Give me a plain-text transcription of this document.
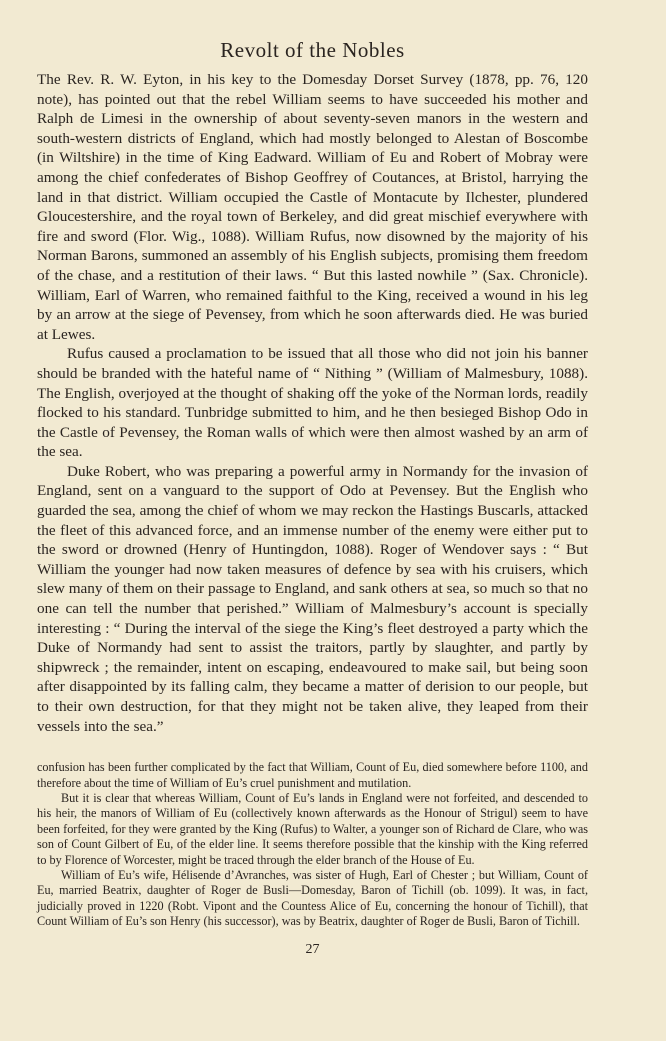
Revolt of the Nobles

The Rev. R. W. Eyton, in his key to the Domesday Dorset Survey (1878, pp. 76, 120 note), has pointed out that the rebel William seems to have succeeded his mother and Ralph de Limesi in the ownership of about seventy-seven manors in the western and south-western districts of England, which had mostly belonged to Alestan of Boscombe (in Wiltshire) in the time of King Eadward. William of Eu and Robert of Mobray were among the chief confederates of Bishop Geoffrey of Coutances, at Bristol, harrying the land in that district. William occupied the Castle of Montacute by Ilchester, plundered Gloucestershire, and the royal town of Berkeley, and did great mischief everywhere with fire and sword (Flor. Wig., 1088). William Rufus, now disowned by the majority of his Norman Barons, summoned an assembly of his English subjects, promising them freedom of the chase, and a restitution of their laws. “ But this lasted nowhile ” (Sax. Chronicle). William, Earl of Warren, who remained faithful to the King, received a wound in his leg by an arrow at the siege of Pevensey, from which he soon afterwards died. He was buried at Lewes.

Rufus caused a proclamation to be issued that all those who did not join his banner should be branded with the hateful name of “ Nithing ” (William of Malmesbury, 1088). The English, overjoyed at the thought of shaking off the yoke of the Norman lords, readily flocked to his standard. Tunbridge submitted to him, and he then besieged Bishop Odo in the Castle of Pevensey, the Roman walls of which were then almost washed by an arm of the sea.

Duke Robert, who was preparing a powerful army in Normandy for the invasion of England, sent on a vanguard to the support of Odo at Pevensey. But the English who guarded the sea, among the chief of whom we may reckon the Hastings Buscarls, attacked the fleet of this advanced force, and an immense number of the enemy were either put to the sword or drowned (Henry of Huntingdon, 1088). Roger of Wendover says : “ But William the younger had now taken measures of defence by sea with his cruisers, which slew many of them on their passage to England, and sank others at sea, so much so that no one can tell the number that perished.” William of Malmesbury’s account is specially interesting : “ During the interval of the siege the King’s fleet destroyed a party which the Duke of Normandy had sent to assist the traitors, partly by slaughter, and partly by shipwreck ; the remainder, intent on escaping, endeavoured to make sail, but being soon after disappointed by its falling calm, they became a matter of derision to our people, but to their own destruction, for that they might not be taken alive, they leaped from their vessels into the sea.”

confusion has been further complicated by the fact that William, Count of Eu, died somewhere before 1100, and therefore about the time of William of Eu’s cruel punishment and mutilation.

But it is clear that whereas William, Count of Eu’s lands in England were not forfeited, and descended to his heir, the manors of William of Eu (collectively known afterwards as the Honour of Strigul) seem to have been forfeited, for they were granted by the King (Rufus) to Walter, a younger son of Richard de Clare, who was son of Count Gilbert of Eu, of the elder line. It seems therefore possible that the kinship with the King referred to by Florence of Worcester, might be traced through the elder branch of the House of Eu.

William of Eu’s wife, Hélisende d’Avranches, was sister of Hugh, Earl of Chester ; but William, Count of Eu, married Beatrix, daughter of Roger de Busli—Domesday, Baron of Tichill (ob. 1099). It was, in fact, judicially proved in 1220 (Robt. Vipont and the Countess Alice of Eu, concerning the honour of Tichill), that Count William of Eu’s son Henry (his successor), was by Beatrix, daughter of Roger de Busli, Baron of Tichill.

27
